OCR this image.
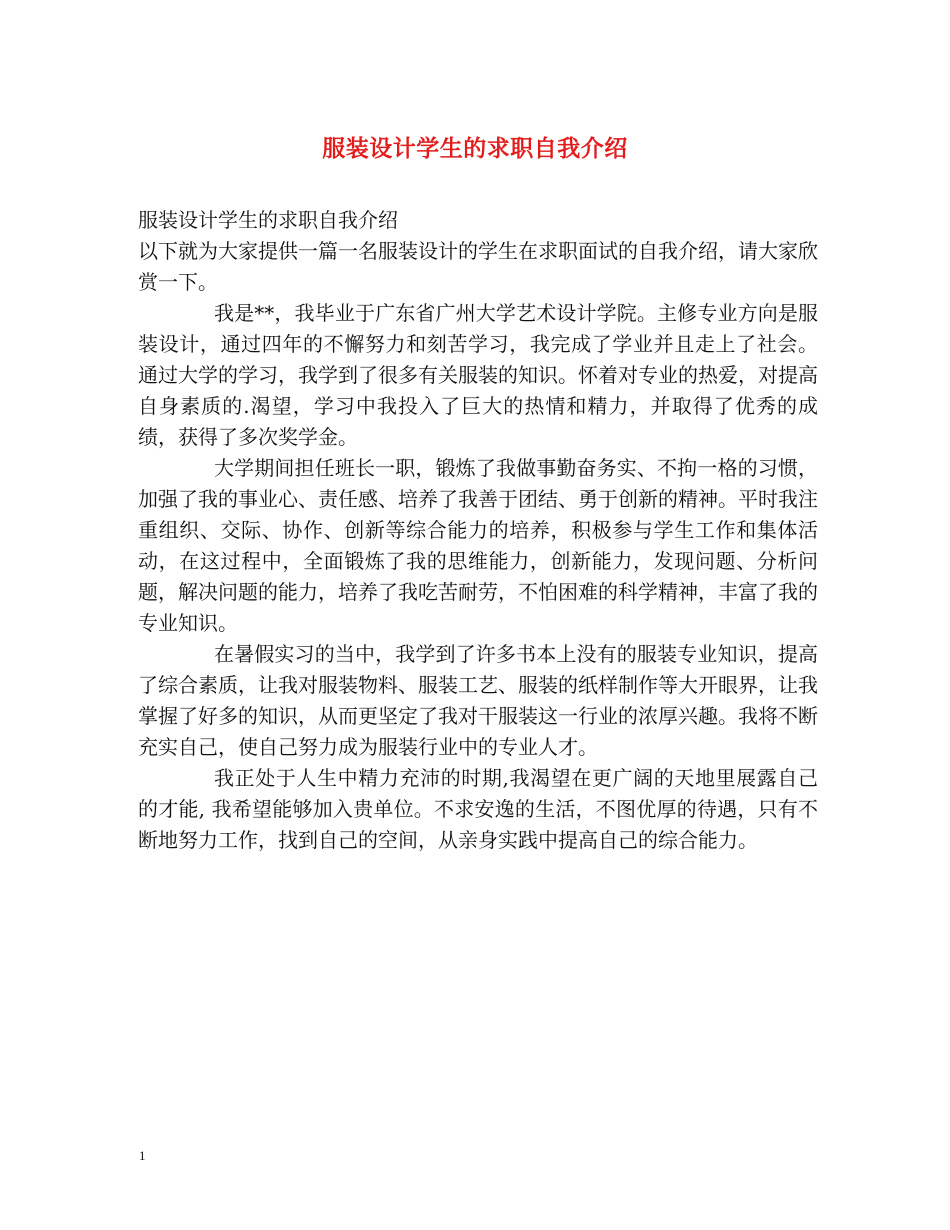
服装设计学生的求职自我介绍

服装设计学生的求职自我介绍

以下就为大家提供一篇一名服装设计的学生在求职面试的自我介绍，请大家欣赏一下。

我是**，我毕业于广东省广州大学艺术设计学院。主修专业方向是服装设计，通过四年的不懈努力和刻苦学习，我完成了学业并且走上了社会。 通过大学的学习，我学到了很多有关服装的知识。怀着对专业的热爱，对提高自身素质的.渴望，学习中我投入了巨大的热情和精力，并取得了优秀的成绩，获得了多次奖学金。

大学期间担任班长一职，锻炼了我做事勤奋务实、不拘一格的习惯，加强了我的事业心、责任感、培养了我善于团结、勇于创新的精神。平时我注重组织、交际、协作、创新等综合能力的培养，积极参与学生工作和集体活动，在这过程中，全面锻炼了我的思维能力，创新能力，发现问题、分析问题，解决问题的能力，培养了我吃苦耐劳，不怕困难的科学精神，丰富了我的专业知识。

在暑假实习的当中，我学到了许多书本上没有的服装专业知识，提高了综合素质，让我对服装物料、服装工艺、服装的纸样制作等大开眼界，让我掌握了好多的知识，从而更坚定了我对干服装这一行业的浓厚兴趣。我将不断充实自己，使自己努力成为服装行业中的专业人才。

我正处于人生中精力充沛的时期,我渴望在更广阔的天地里展露自己的才能, 我希望能够加入贵单位。不求安逸的生活，不图优厚的待遇，只有不断地努力工作，找到自己的空间，从亲身实践中提高自己的综合能力。

1
